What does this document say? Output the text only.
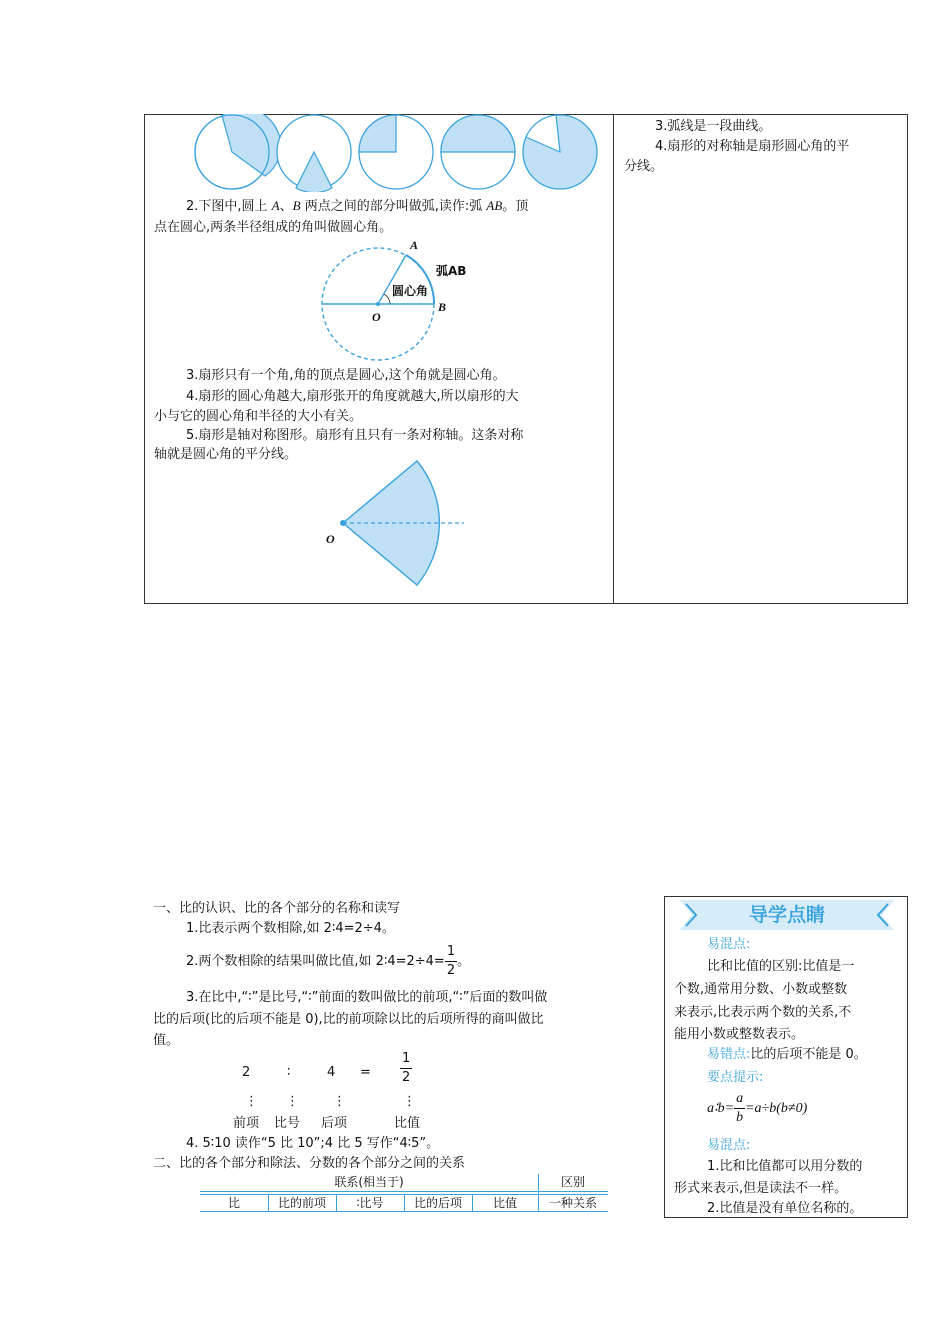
2.下图中,圆上 A、B 两点之间的部分叫做弧,读作:弧 AB。顶
点在圆心,两条半径组成的角叫做圆心角。
A
弧AB
圆心角
B
O
3.扇形只有一个角,角的顶点是圆心,这个角就是圆心角。
4.扇形的圆心角越大,扇形张开的角度就越大,所以扇形的大
小与它的圆心角和半径的大小有关。
5.扇形是轴对称图形。扇形有且只有一条对称轴。这条对称
轴就是圆心角的平分线。
O
3.弧线是一段曲线。
4.扇形的对称轴是扇形圆心角的平
分线。
一、比的认识、比的各个部分的名称和读写
1.比表示两个数相除,如 2∶4=2÷4。
2.两个数相除的结果叫做比值,如 2∶4=2÷4= $\frac{1}{2}$ 。
3.在比中,“∶”是比号,“∶”前面的数叫做比的前项,“∶”后面的数叫做
比的后项(比的后项不能是 0),比的前项除以比的后项所得的商叫做比
值。
2	∶	$4 = \frac{1}{2}$
⋮ ⋮	⋮	⋮
前项 比号 后项	比值
4. 5∶10 读作“5 比 10”;4 比 5 写作“4∶5”。
二、比的各个部分和除法、分数的各个部分之间的关系
联系(相当于)	区别
比	比的前项	∶比号	比的后项	比值	一种关系
导学点睛
易混点:
比和比值的区别:比值是一
个数,通常用分数、小数或整数
来表示,比表示两个数的关系,不
能用小数或整数表示。
易错点:比的后项不能是 0。
要点提示:
a∶b= $\frac{a}{b} =a\div b(b\ne 0)$
易混点:
1.比和比值都可以用分数的
形式来表示,但是读法不一样。
2.比值是没有单位名称的。
